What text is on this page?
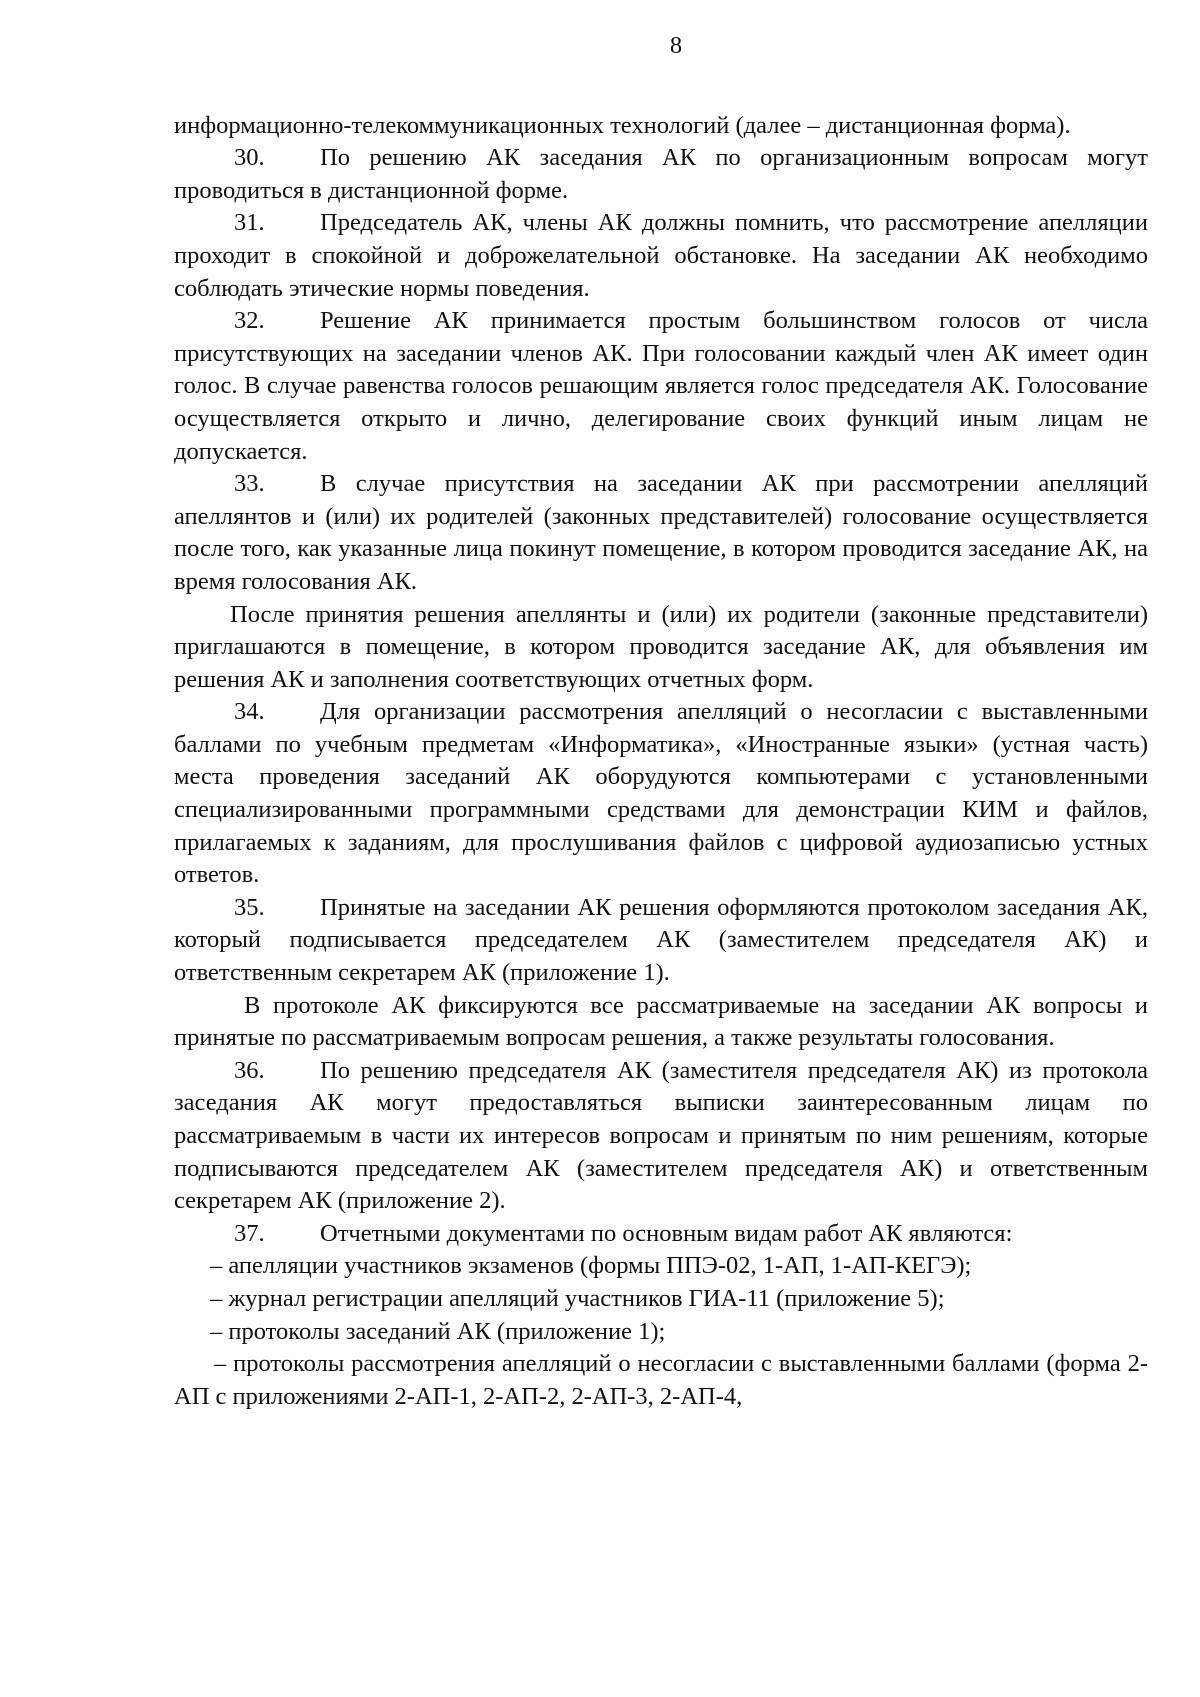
8

информационно-телекоммуникационных технологий (далее – дистанционная форма).

30. По решению АК заседания АК по организационным вопросам могут проводиться в дистанционной форме.

31. Председатель АК, члены АК должны помнить, что рассмотрение апелляции проходит в спокойной и доброжелательной обстановке. На заседании АК необходимо соблюдать этические нормы поведения.

32. Решение АК принимается простым большинством голосов от числа присутствующих на заседании членов АК. При голосовании каждый член АК имеет один голос. В случае равенства голосов решающим является голос председателя АК. Голосование осуществляется открыто и лично, делегирование своих функций иным лицам не допускается.

33. В случае присутствия на заседании АК при рассмотрении апелляций апеллянтов и (или) их родителей (законных представителей) голосование осуществляется после того, как указанные лица покинут помещение, в котором проводится заседание АК, на время голосования АК.

После принятия решения апеллянты и (или) их родители (законные представители) приглашаются в помещение, в котором проводится заседание АК, для объявления им решения АК и заполнения соответствующих отчетных форм.

34. Для организации рассмотрения апелляций о несогласии с выставленными баллами по учебным предметам «Информатика», «Иностранные языки» (устная часть) места проведения заседаний АК оборудуются компьютерами с установленными специализированными программными средствами для демонстрации КИМ и файлов, прилагаемых к заданиям, для прослушивания файлов с цифровой аудиозаписью устных ответов.

35. Принятые на заседании АК решения оформляются протоколом заседания АК, который подписывается председателем АК (заместителем председателя АК) и ответственным секретарем АК (приложение 1).

В протоколе АК фиксируются все рассматриваемые на заседании АК вопросы и принятые по рассматриваемым вопросам решения, а также результаты голосования.

36. По решению председателя АК (заместителя председателя АК) из протокола заседания АК могут предоставляться выписки заинтересованным лицам по рассматриваемым в части их интересов вопросам и принятым по ним решениям, которые подписываются председателем АК (заместителем председателя АК) и ответственным секретарем АК (приложение 2).

37. Отчетными документами по основным видам работ АК являются:

– апелляции участников экзаменов (формы ППЭ-02, 1-АП, 1-АП-КЕГЭ);

– журнал регистрации апелляций участников ГИА-11 (приложение 5);

– протоколы заседаний АК (приложение 1);

– протоколы рассмотрения апелляций о несогласии с выставленными баллами (форма 2-АП с приложениями 2-АП-1, 2-АП-2, 2-АП-3, 2-АП-4,
